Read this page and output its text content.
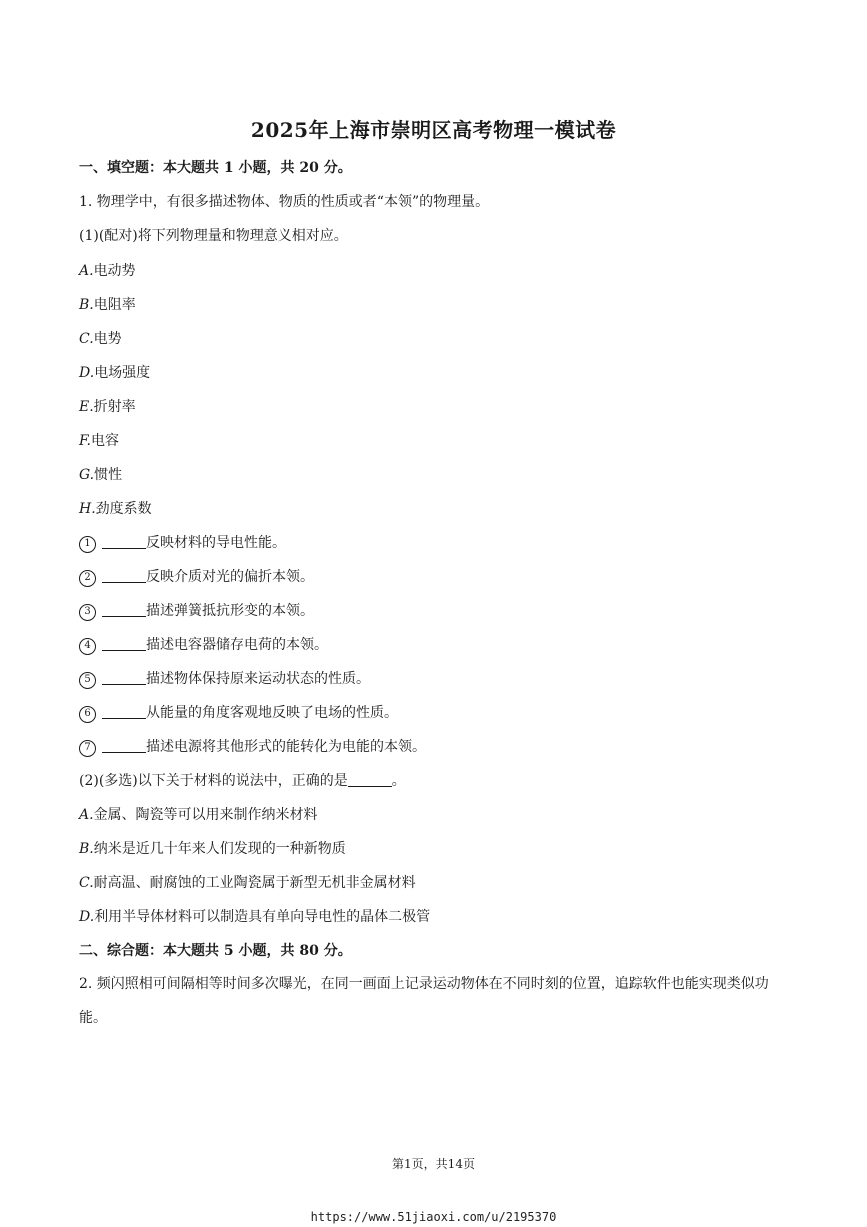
2025年上海市崇明区高考物理一模试卷
一、填空题：本大题共 1 小题，共 20 分。
1. 物理学中，有很多描述物体、物质的性质或者“本领”的物理量。
(1)(配对)将下列物理量和物理意义相对应。
A.电动势
B.电阻率
C.电势
D.电场强度
E.折射率
F.电容
G.惯性
H.劲度系数
1	反映材料的导电性能。
2	反映介质对光的偏折本领。
3	描述弹簧抵抗形变的本领。
4	描述电容器储存电荷的本领。
5	描述物体保持原来运动状态的性质。
6	从能量的角度客观地反映了电场的性质。
7	描述电源将其他形式的能转化为电能的本领。
(2)(多选)以下关于材料的说法中，正确的是	。
A.金属、陶瓷等可以用来制作纳米材料
B.纳米是近几十年来人们发现的一种新物质
C.耐高温、耐腐蚀的工业陶瓷属于新型无机非金属材料
D.利用半导体材料可以制造具有单向导电性的晶体二极管
二、综合题：本大题共 5 小题，共 80 分。
2. 频闪照相可间隔相等时间多次曝光，在同一画面上记录运动物体在不同时刻的位置，追踪软件也能实现类似功能。
第1页，共14页
https://www.51jiaoxi.com/u/2195370
